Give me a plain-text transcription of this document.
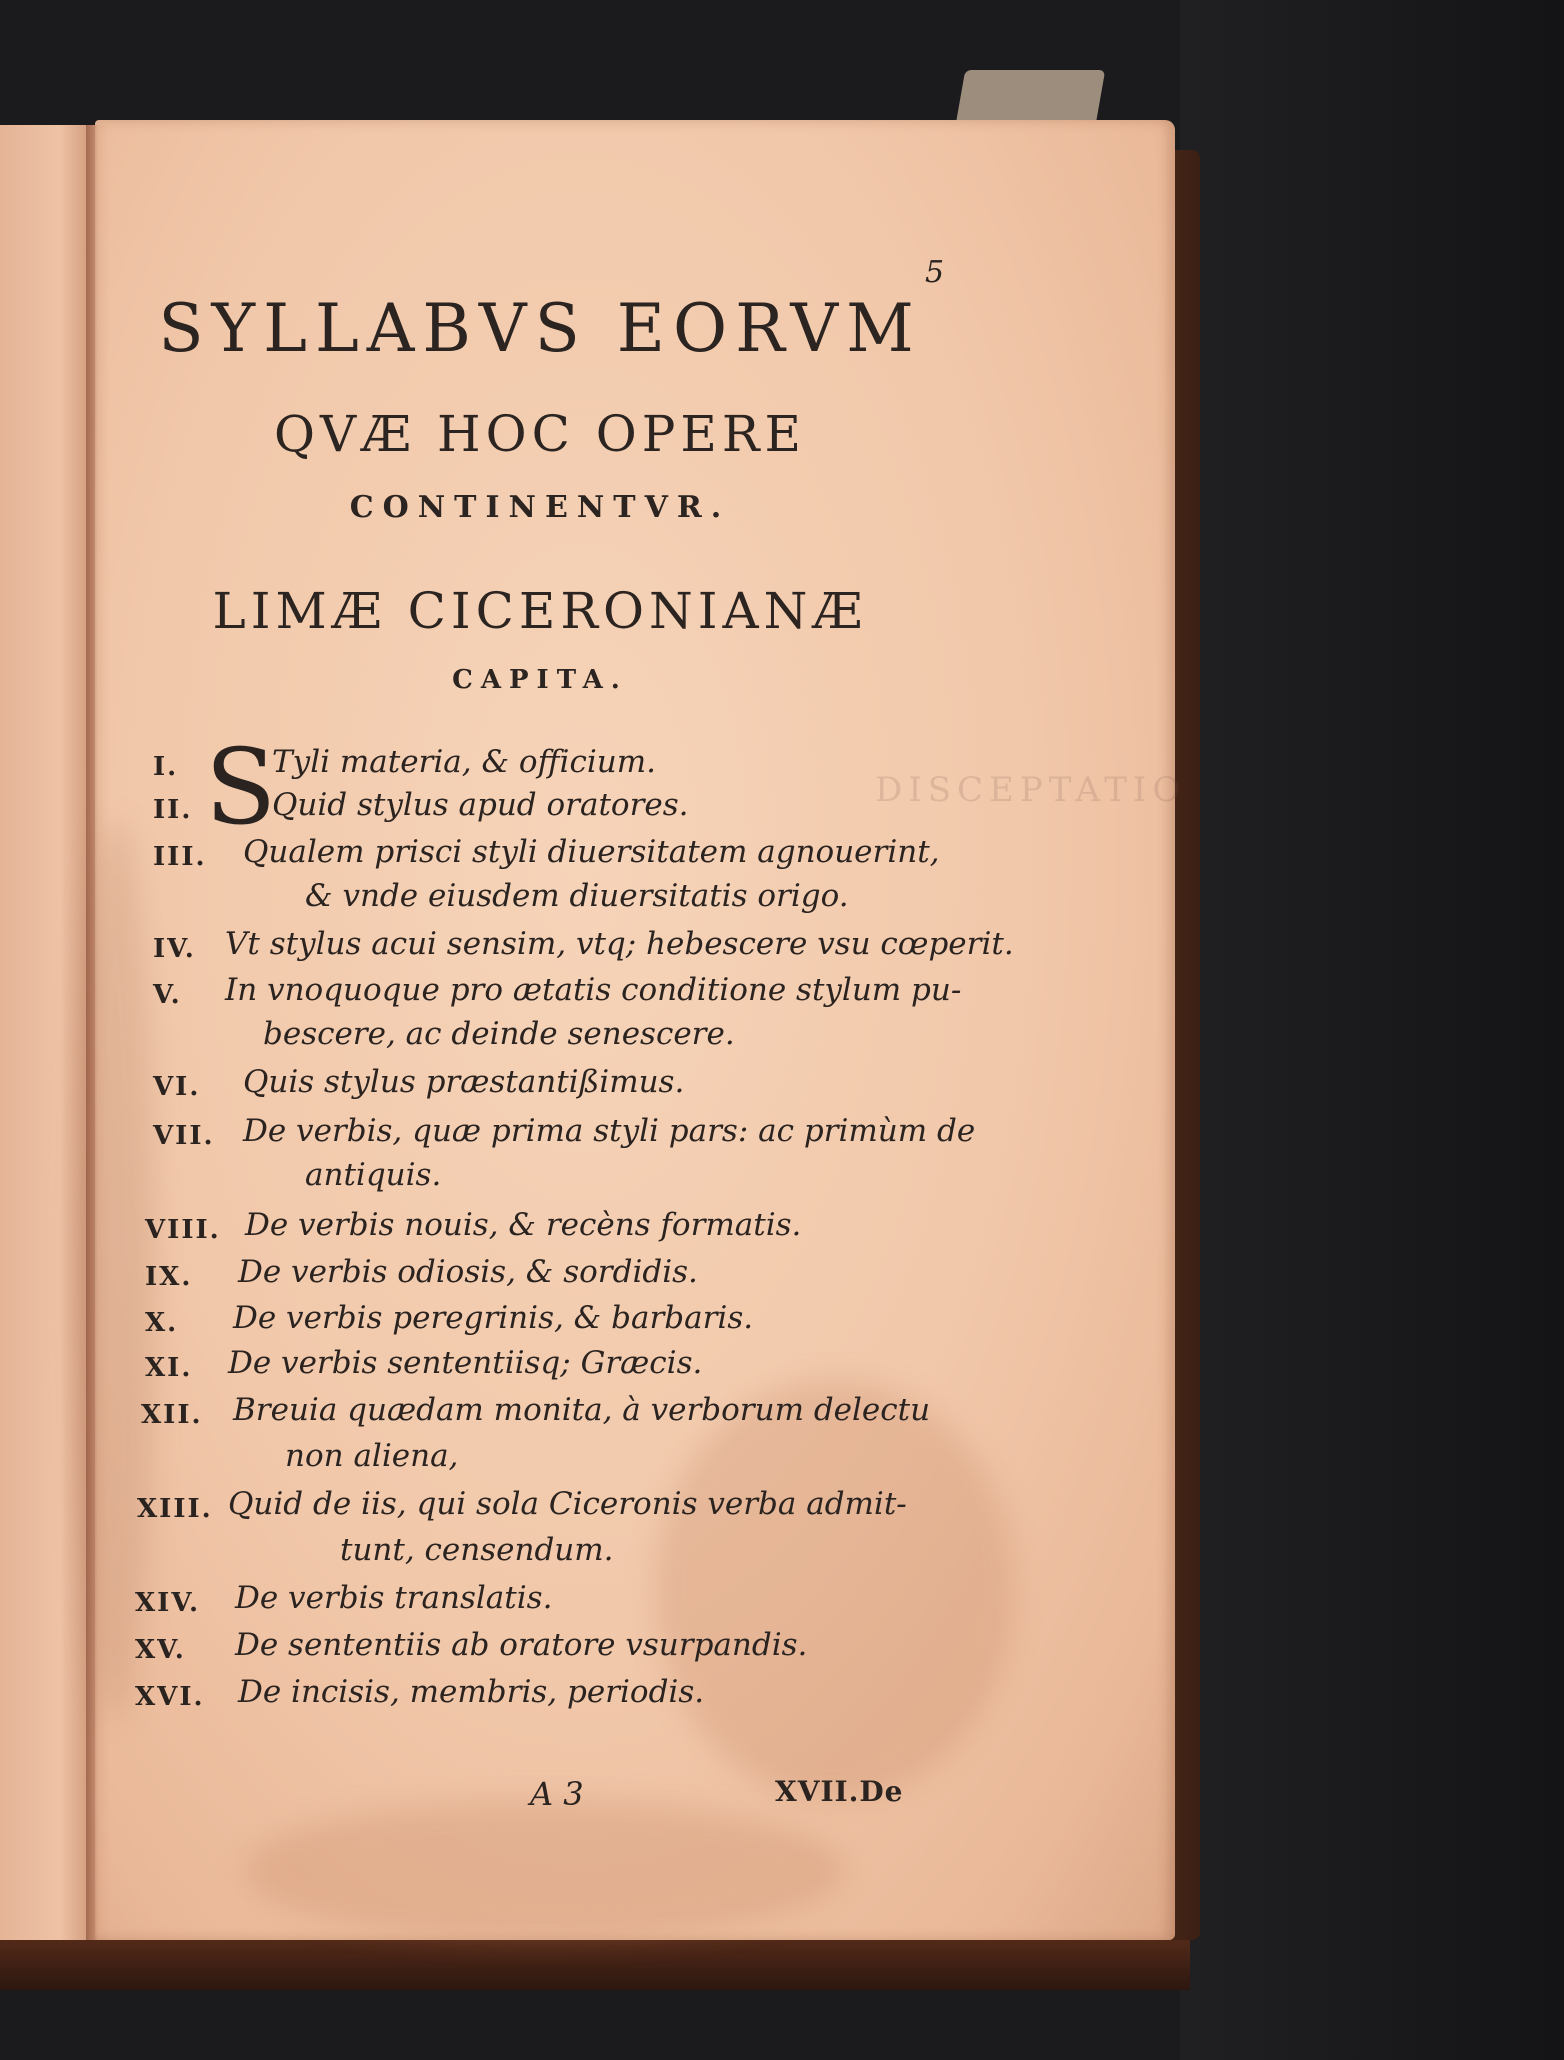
DISCEPTATIO
5
SYLLABVS EORVM
QVÆ HOC OPERE
CONTINENTVR.
LIMÆ CICERONIANÆ
CAPITA.
S
I.	Tyli materia, & officium.
II.	Quid stylus apud oratores.
III. Qualem prisci styli diuersitatem agnouerint,
& vnde eiusdem diuersitatis origo.
IV. Vt stylus acui sensim, vtq; hebescere vsu cœperit.
V. In vnoquoque pro ætatis conditione stylum pu-
bescere, ac deinde senescere.
VI. Quis stylus præstantißimus.
VII. De verbis, quæ prima styli pars: ac primùm de
antiquis.
VIII. De verbis nouis, & recèns formatis.
IX. De verbis odiosis, & sordidis.
X. De verbis peregrinis, & barbaris.
XI. De verbis sententiisq; Græcis.
XII. Breuia quædam monita, à verborum delectu
non aliena,
XIII. Quid de iis, qui sola Ciceronis verba admit-
tunt, censendum.
XIV. De verbis translatis.
XV. De sententiis ab oratore vsurpandis.
XVI. De incisis, membris, periodis.
A 3	XVII.De
